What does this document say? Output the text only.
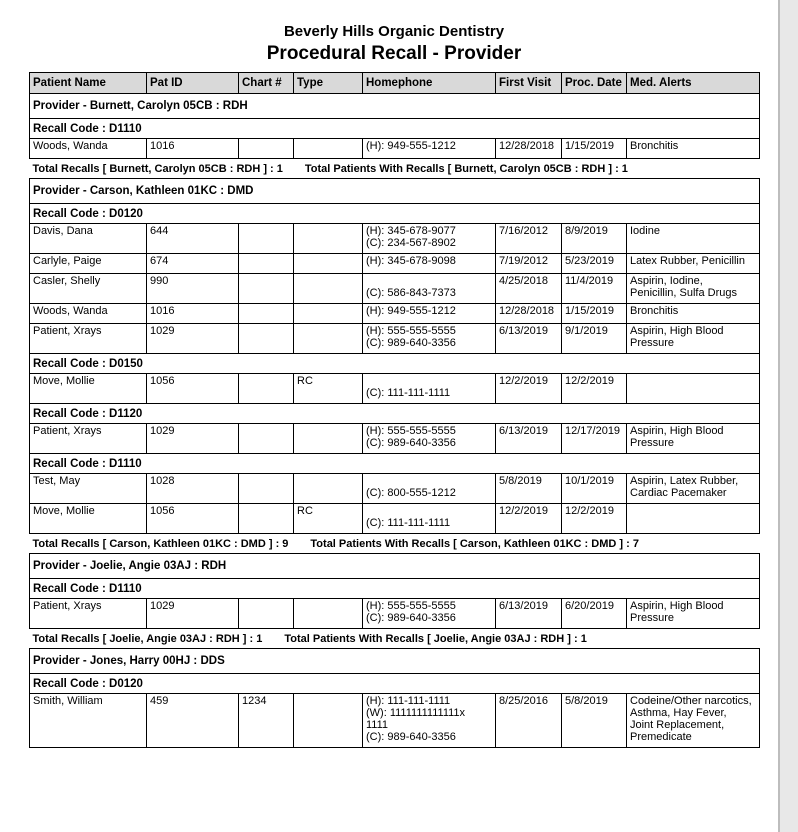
Beverly Hills Organic Dentistry
Procedural Recall - Provider
Patient Name	Pat ID	Chart #	Type	Homephone	First Visit	Proc. Date	Med. Alerts
Provider - Burnett, Carolyn 05CB : RDH							
Recall Code : D1110							
Woods, Wanda	1016			(H): 949-555-1212	12/28/2018	1/15/2019	Bronchitis

Total Recalls [ Burnett, Carolyn 05CB : RDH ] : 1 Total Patients With Recalls [ Burnett, Carolyn 05CB : RDH ] : 1							
Provider - Carson, Kathleen 01KC : DMD							
Recall Code : D0120							
Davis, Dana	644			(H): 345-678-9077
(C): 234-567-8902	7/16/2012	8/9/2019	Iodine

Carlyle, Paige	674			(H): 345-678-9098	7/19/2012	5/23/2019	Latex Rubber, Penicillin

Casler, Shelly	990			(C): 586-843-7373	4/25/2018	11/4/2019	Aspirin, Iodine,
Penicillin, Sulfa Drugs

Woods, Wanda	1016			(H): 949-555-1212	12/28/2018	1/15/2019	Bronchitis

Patient, Xrays	1029			(H): 555-555-5555
(C): 989-640-3356	6/13/2019	9/1/2019	Aspirin, High Blood
Pressure

Recall Code : D0150							
Move, Mollie	1056		RC	(C): 111-111-1111	12/2/2019	12/2/2019	
Recall Code : D1120							
Patient, Xrays	1029			(H): 555-555-5555
(C): 989-640-3356	6/13/2019	12/17/2019	Aspirin, High Blood
Pressure

Recall Code : D1110							
Test, May	1028			(C): 800-555-1212	5/8/2019	10/1/2019	Aspirin, Latex Rubber,
Cardiac Pacemaker

Move, Mollie	1056		RC	(C): 111-111-1111	12/2/2019	12/2/2019	
Total Recalls [ Carson, Kathleen 01KC : DMD ] : 9 Total Patients With Recalls [ Carson, Kathleen 01KC : DMD ] : 7							
Provider - Joelie, Angie 03AJ : RDH							
Recall Code : D1110							
Patient, Xrays	1029			(H): 555-555-5555
(C): 989-640-3356	6/13/2019	6/20/2019	Aspirin, High Blood
Pressure

Total Recalls [ Joelie, Angie 03AJ : RDH ] : 1 Total Patients With Recalls [ Joelie, Angie 03AJ : RDH ] : 1							
Provider - Jones, Harry 00HJ : DDS							
Recall Code : D0120							
Smith, William	459	1234		(H): 111-111-1111
(W): 1111111111111x
1111
(C): 989-640-3356	8/25/2016	5/8/2019	Codeine/Other narcotics,
Asthma, Hay Fever,
Joint Replacement,
Premedicate
